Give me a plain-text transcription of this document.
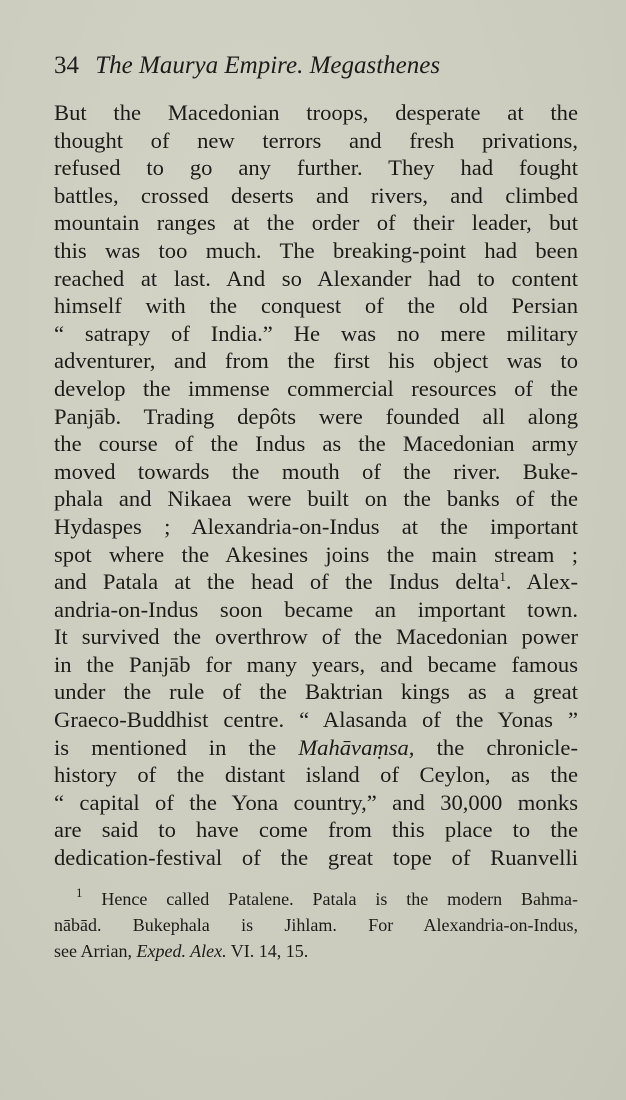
34 The Maurya Empire. Megasthenes
But the Macedonian troops, desperate at the
thought of new terrors and fresh privations,
refused to go any further. They had fought
battles, crossed deserts and rivers, and climbed
mountain ranges at the order of their leader, but
this was too much. The breaking-point had been
reached at last. And so Alexander had to content
himself with the conquest of the old Persian
“ satrapy of India.” He was no mere military
adventurer, and from the first his object was to
develop the immense commercial resources of the
Panjāb. Trading depôts were founded all along
the course of the Indus as the Macedonian army
moved towards the mouth of the river. Buke-
phala and Nikaea were built on the banks of the
Hydaspes ; Alexandria-on-Indus at the important
spot where the Akesines joins the main stream ;
and Patala at the head of the Indus delta$^1$. Alex-
andria-on-Indus soon became an important town.
It survived the overthrow of the Macedonian power
in the Panjāb for many years, and became famous
under the rule of the Baktrian kings as a great
Graeco-Buddhist centre. “ Alasanda of the Yonas ”
is mentioned in the Mahāvaṃsa, the chronicle-
history of the distant island of Ceylon, as the
“ capital of the Yona country,” and 30,000 monks
are said to have come from this place to the
dedication-festival of the great tope of Ruanvelli
$^1$ Hence called Patalene. Patala is the modern Bahma-
nābād. Bukephala is Jihlam. For Alexandria-on-Indus,
see Arrian, Exped. Alex. VI. 14, 15.
